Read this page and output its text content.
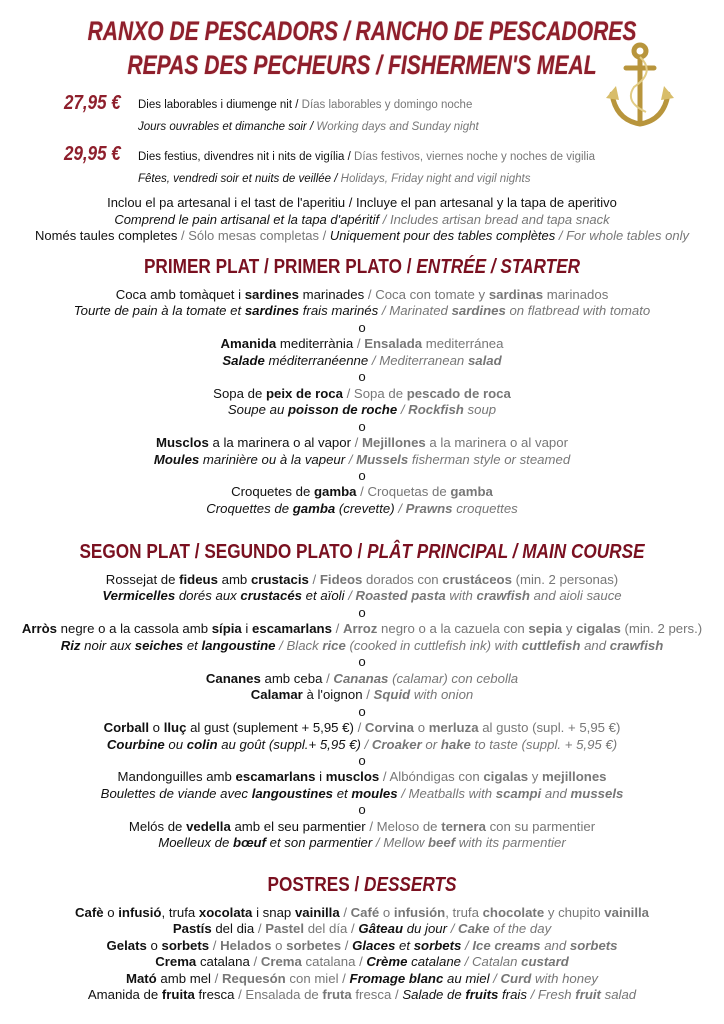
RANXO DE PESCADORS / RANCHO DE PESCADORES
REPAS DES PECHEURS / FISHERMEN'S MEAL
27,95 € Dies laborables i diumenge nit / Días laborables y domingo noche
Jours ouvrables et dimanche soir / Working days and Sunday night
29,95 € Dies festius, divendres nit i nits de vigília / Días festivos, viernes noche y noches de vigilia
Fêtes, vendredi soir et nuits de veillée / Holidays, Friday night and vigil nights
Inclou el pa artesanal i el tast de l'aperitiu / Incluye el pan artesanal y la tapa de aperitivo
Comprend le pain artisanal et la tapa d'apéritif / Includes artisan bread and tapa snack
Només taules completes / Sólo mesas completas / Uniquement pour des tables complètes / For whole tables only
PRIMER PLAT / PRIMER PLATO / ENTRÉE / STARTER
Coca amb tomàquet i sardines marinades / Coca con tomate y sardinas marinados
Tourte de pain à la tomate et sardines frais marinés / Marinated sardines on flatbread with tomato
o
Amanida mediterrània / Ensalada mediterránea
Salade méditerranéenne / Mediterranean salad
o
Sopa de peix de roca / Sopa de pescado de roca
Soupe au poisson de roche / Rockfish soup
o
Musclos a la marinera o al vapor / Mejillones a la marinera o al vapor
Moules marinière ou à la vapeur / Mussels fisherman style or steamed
o
Croquetes de gamba / Croquetas de gamba
Croquettes de gamba (crevette) / Prawns croquettes
SEGON PLAT / SEGUNDO PLATO / PLÂT PRINCIPAL / MAIN COURSE
Rossejat de fideus amb crustacis / Fideos dorados con crustáceos (min. 2 personas)
Vermicelles dorés aux crustacés et aïoli / Roasted pasta with crawfish and aioli sauce
o
Arròs negre o a la cassola amb sípia i escamarlans / Arroz negro o a la cazuela con sepia y cigalas (min. 2 pers.)
Riz noir aux seiches et langoustine / Black rice (cooked in cuttlefish ink) with cuttlefish and crawfish
o
Cananes amb ceba / Cananas (calamar) con cebolla
Calamar à l'oignon / Squid with onion
o
Corball o lluç al gust (suplement + 5,95 €) / Corvina o merluza al gusto (supl. + 5,95 €)
Courbine ou colin au goût (suppl.+ 5,95 €) / Croaker or hake to taste (suppl. + 5,95 €)
o
Mandonguilles amb escamarlans i musclos / Albóndigas con cigalas y mejillones
Boulettes de viande avec langoustines et moules / Meatballs with scampi and mussels
o
Melós de vedella amb el seu parmentier / Meloso de ternera con su parmentier
Moelleux de bœuf et son parmentier / Mellow beef with its parmentier
POSTRES / DESSERTS
Cafè o infusió, trufa xocolata i snap vainilla / Café o infusión, trufa chocolate y chupito vainilla
Pastís del dia / Pastel del día / Gâteau du jour / Cake of the day
Gelats o sorbets / Helados o sorbetes / Glaces et sorbets / Ice creams and sorbets
Crema catalana / Crema catalana / Crème catalane / Catalan custard
Mató amb mel / Requesón con miel / Fromage blanc au miel / Curd with honey
Amanida de fruita fresca / Ensalada de fruta fresca / Salade de fruits frais / Fresh fruit salad
